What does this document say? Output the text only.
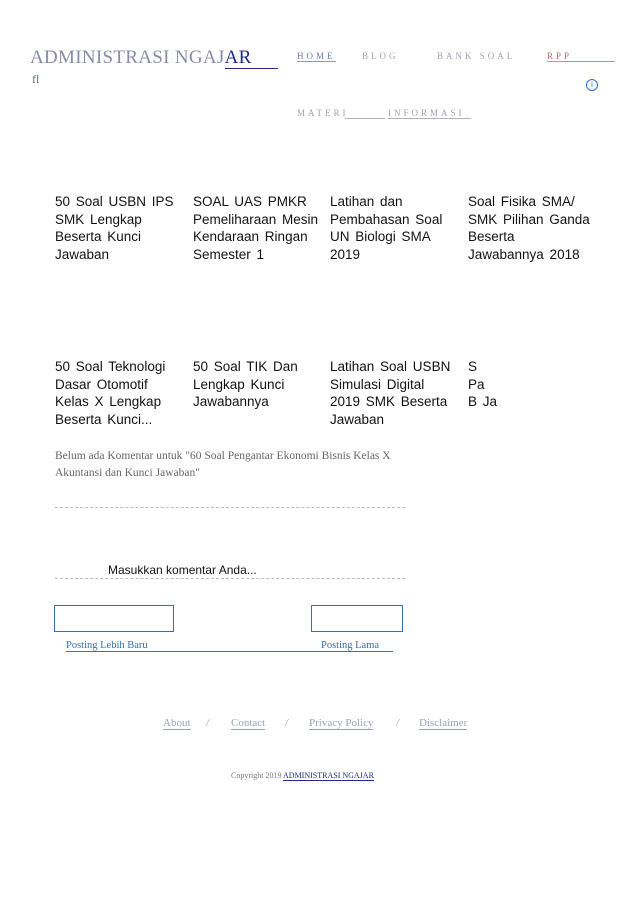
ADMINISTRASI NGAJAR
fl
HOME	BLOG	BANK SOAL	RPP
i
MATERI	INFORMASI
50 Soal USBN IPS SMK Lengkap Beserta Kunci Jawaban
SOAL UAS PMKR Pemeliharaan Mesin Kendaraan Ringan Semester 1
Latihan dan Pembahasan Soal UN Biologi SMA 2019
Soal Fisika SMA/ SMK Pilihan Ganda Beserta Jawabannya 2018
50 Soal Teknologi Dasar Otomotif Kelas X Lengkap Beserta Kunci...
50 Soal TIK Dan Lengkap Kunci Jawabannya
Latihan Soal USBN Simulasi Digital 2019 SMK Beserta Jawaban
S Pa B Ja
Belum ada Komentar untuk "60 Soal Pengantar Ekonomi Bisnis Kelas X Akuntansi dan Kunci Jawaban"
Masukkan komentar Anda...
Posting Lebih Baru	Posting Lama
About / Contact / Privacy Policy / Disclaimer
Copyright 2019 ADMINISTRASI NGAJAR
